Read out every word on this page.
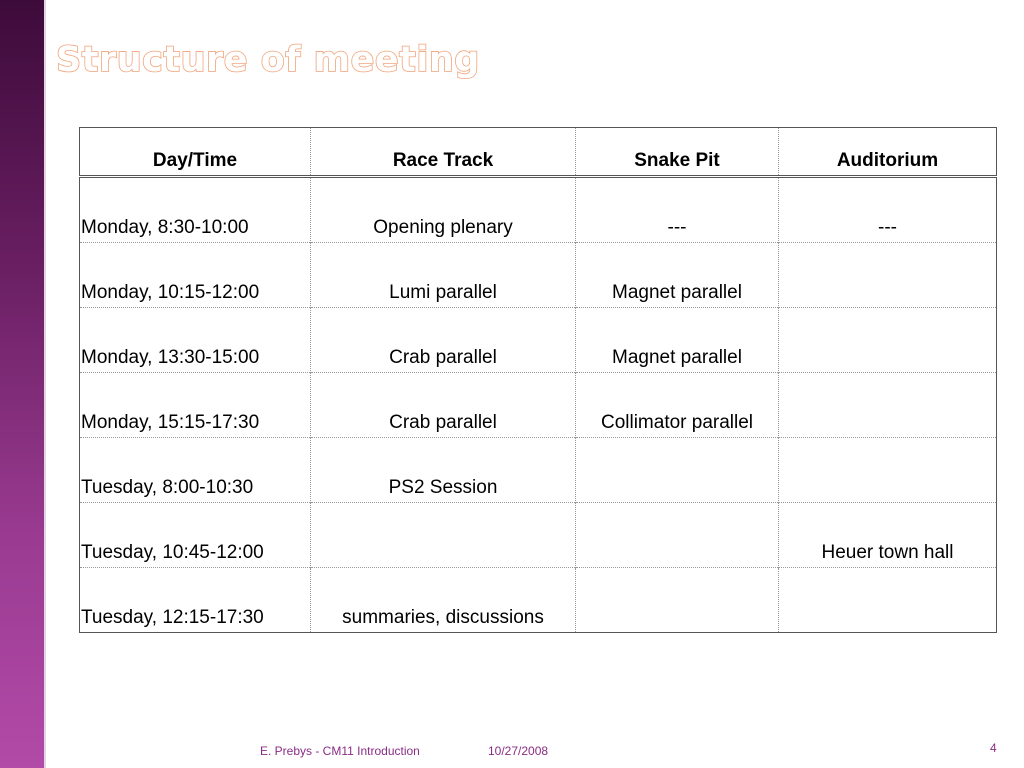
Structure of meeting
Day/Time	Race Track	Snake Pit	Auditorium
Monday, 8:30-10:00	Opening plenary	---	---
Monday, 10:15-12:00	Lumi parallel	Magnet parallel	
Monday, 13:30-15:00	Crab parallel	Magnet parallel	
Monday, 15:15-17:30	Crab parallel	Collimator parallel	
Tuesday, 8:00-10:30	PS2 Session		
Tuesday, 10:45-12:00			Heuer town hall
Tuesday, 12:15-17:30	summaries, discussions		
E. Prebys - CM11 Introduction	10/27/2008	4
